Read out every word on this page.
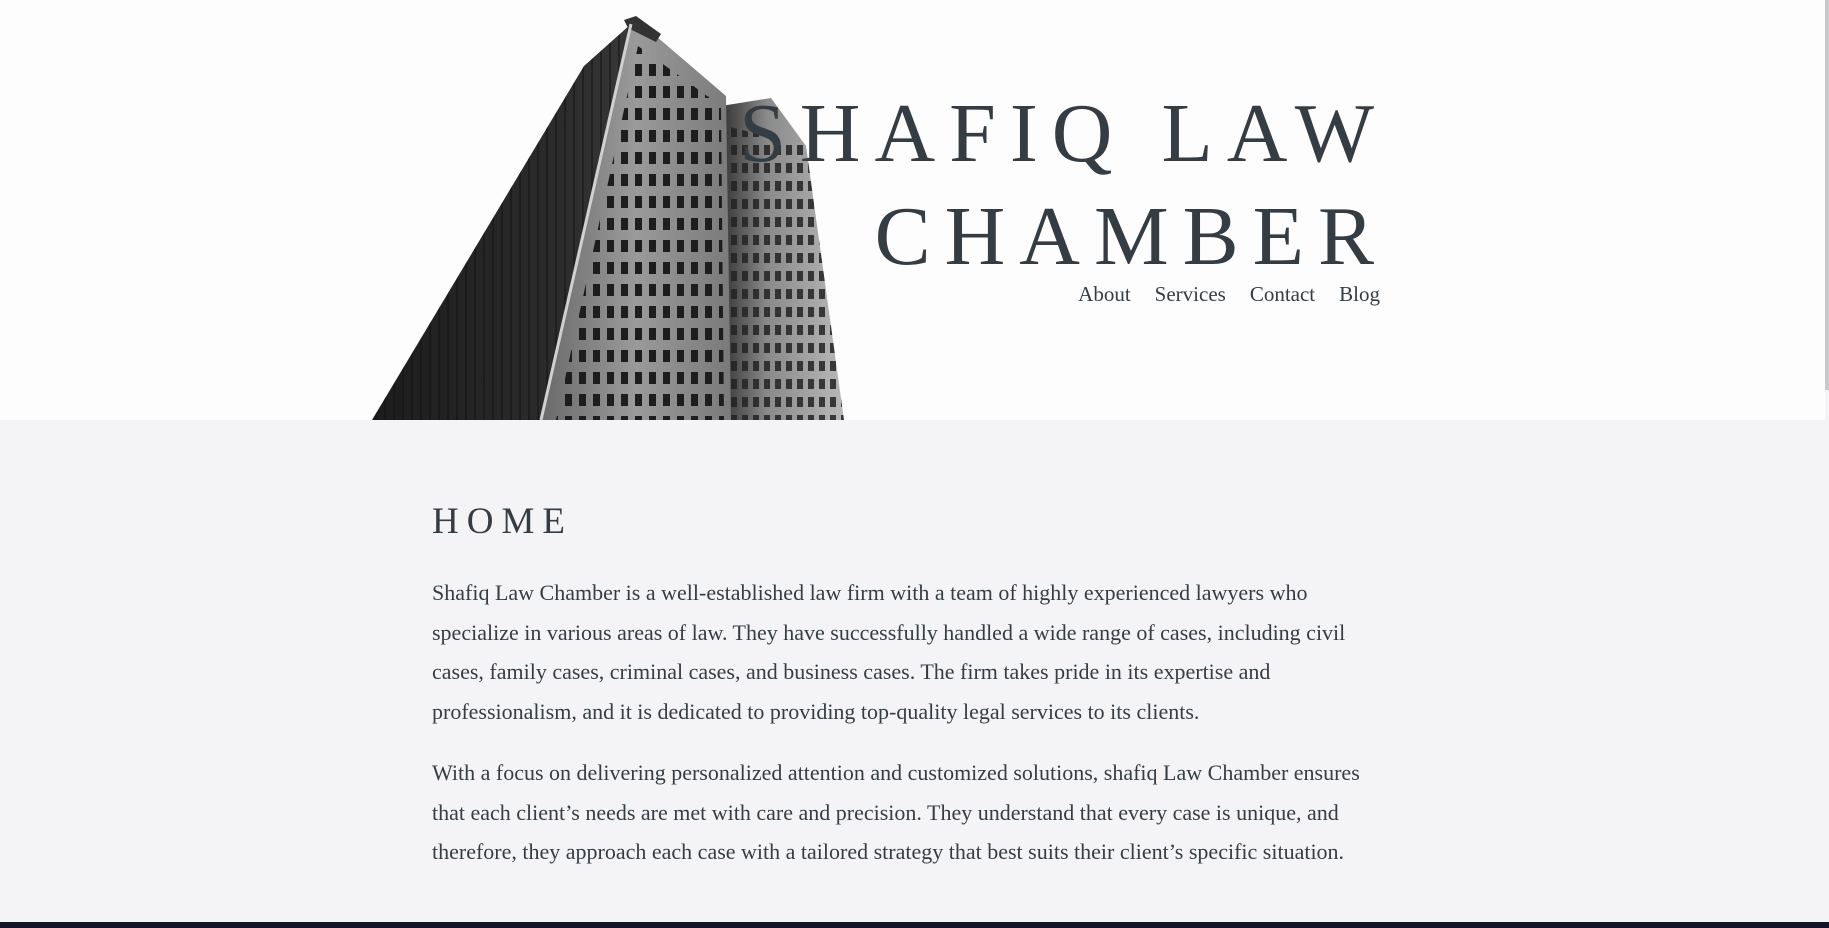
SHAFIQ LAW
CHAMBER
About Services Contact Blog
HOME

Shafiq Law Chamber is a well-established law firm with a team of highly experienced lawyers who specialize in various areas of law. They have successfully handled a wide range of cases, including civil cases, family cases, criminal cases, and business cases. The firm takes pride in its expertise and professionalism, and it is dedicated to providing top-quality legal services to its clients.

With a focus on delivering personalized attention and customized solutions, shafiq Law Chamber ensures that each client’s needs are met with care and precision. They understand that every case is unique, and therefore, they approach each case with a tailored strategy that best suits their client’s specific situation.
